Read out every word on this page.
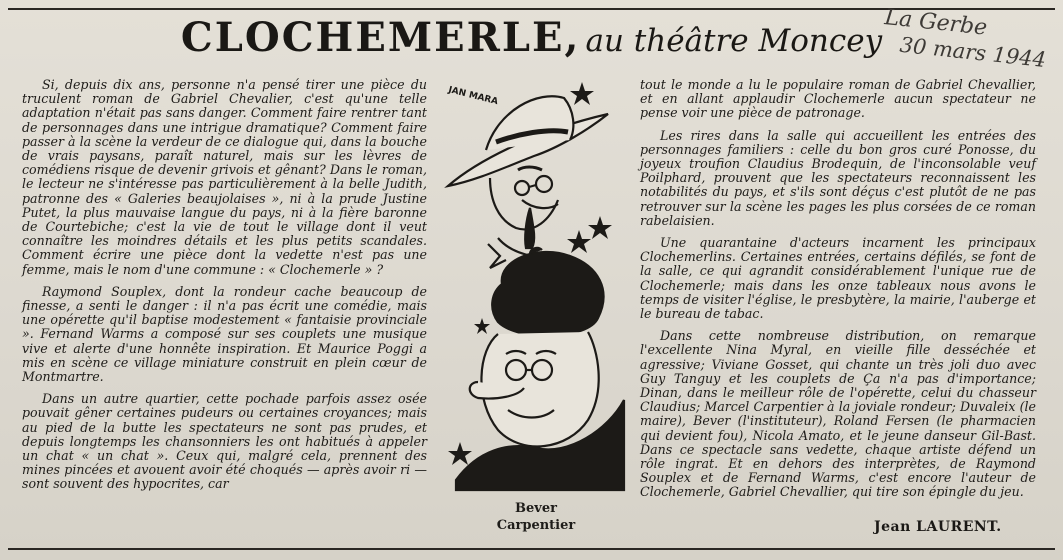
CLOCHEMERLE, au théâtre Moncey
La Gerbe
30 mars 1944

Si, depuis dix ans, personne n'a pensé tirer une pièce du truculent roman de Gabriel Chevalier, c'est qu'une telle adaptation n'était pas sans danger. Comment faire rentrer tant de personnages dans une intrigue dramatique? Comment faire passer à la scène la verdeur de ce dialogue qui, dans la bouche de vrais paysans, paraît naturel, mais sur les lèvres de comédiens risque de devenir grivois et gênant? Dans le roman, le lecteur ne s'intéresse pas particulièrement à la belle Judith, patronne des « Galeries beaujolaises », ni à la prude Justine Putet, la plus mauvaise langue du pays, ni à la fière baronne de Courtebiche; c'est la vie de tout le village dont il veut connaître les moindres détails et les plus petits scandales. Comment écrire une pièce dont la vedette n'est pas une femme, mais le nom d'une commune : « Clochemerle » ?

Raymond Souplex, dont la rondeur cache beaucoup de finesse, a senti le danger : il n'a pas écrit une comédie, mais une opérette qu'il baptise modestement « fantaisie provinciale ». Fernand Warms a composé sur ses couplets une musique vive et alerte d'une honnête inspiration. Et Maurice Poggi a mis en scène ce village miniature construit en plein cœur de Montmartre.

Dans un autre quartier, cette pochade parfois assez osée pouvait gêner certaines pudeurs ou certaines croyances; mais au pied de la butte les spectateurs ne sont pas prudes, et depuis longtemps les chansonniers les ont habitués à appeler un chat « un chat ». Ceux qui, malgré cela, prennent des mines pincées et avouent avoir été choqués — après avoir ri — sont souvent des hypocrites, car

JAN MARA
Bever
Carpentier

tout le monde a lu le populaire roman de Gabriel Chevallier, et en allant applaudir Clochemerle aucun spectateur ne pense voir une pièce de patronage.

Les rires dans la salle qui accueillent les entrées des personnages familiers : celle du bon gros curé Ponosse, du joyeux troufion Claudius Brodequin, de l'inconsolable veuf Poilphard, prouvent que les spectateurs reconnaissent les notabilités du pays, et s'ils sont déçus c'est plutôt de ne pas retrouver sur la scène les pages les plus corsées de ce roman rabelaisien.

Une quarantaine d'acteurs incarnent les principaux Clochemerlins. Certaines entrées, certains défilés, se font de la salle, ce qui agrandit considérablement l'unique rue de Clochemerle; mais dans les onze tableaux nous avons le temps de visiter l'église, le presbytère, la mairie, l'auberge et le bureau de tabac.

Dans cette nombreuse distribution, on remarque l'excellente Nina Myral, en vieille fille desséchée et agressive; Viviane Gosset, qui chante un très joli duo avec Guy Tanguy et les couplets de Ça n'a pas d'importance; Dinan, dans le meilleur rôle de l'opérette, celui du chasseur Claudius; Marcel Carpentier à la joviale rondeur; Duvaleix (le maire), Bever (l'instituteur), Roland Fersen (le pharmacien qui devient fou), Nicola Amato, et le jeune danseur Gil-Bast. Dans ce spectacle sans vedette, chaque artiste défend un rôle ingrat. Et en dehors des interprètes, de Raymond Souplex et de Fernand Warms, c'est encore l'auteur de Clochemerle, Gabriel Chevallier, qui tire son épingle du jeu.

Jean LAURENT.
